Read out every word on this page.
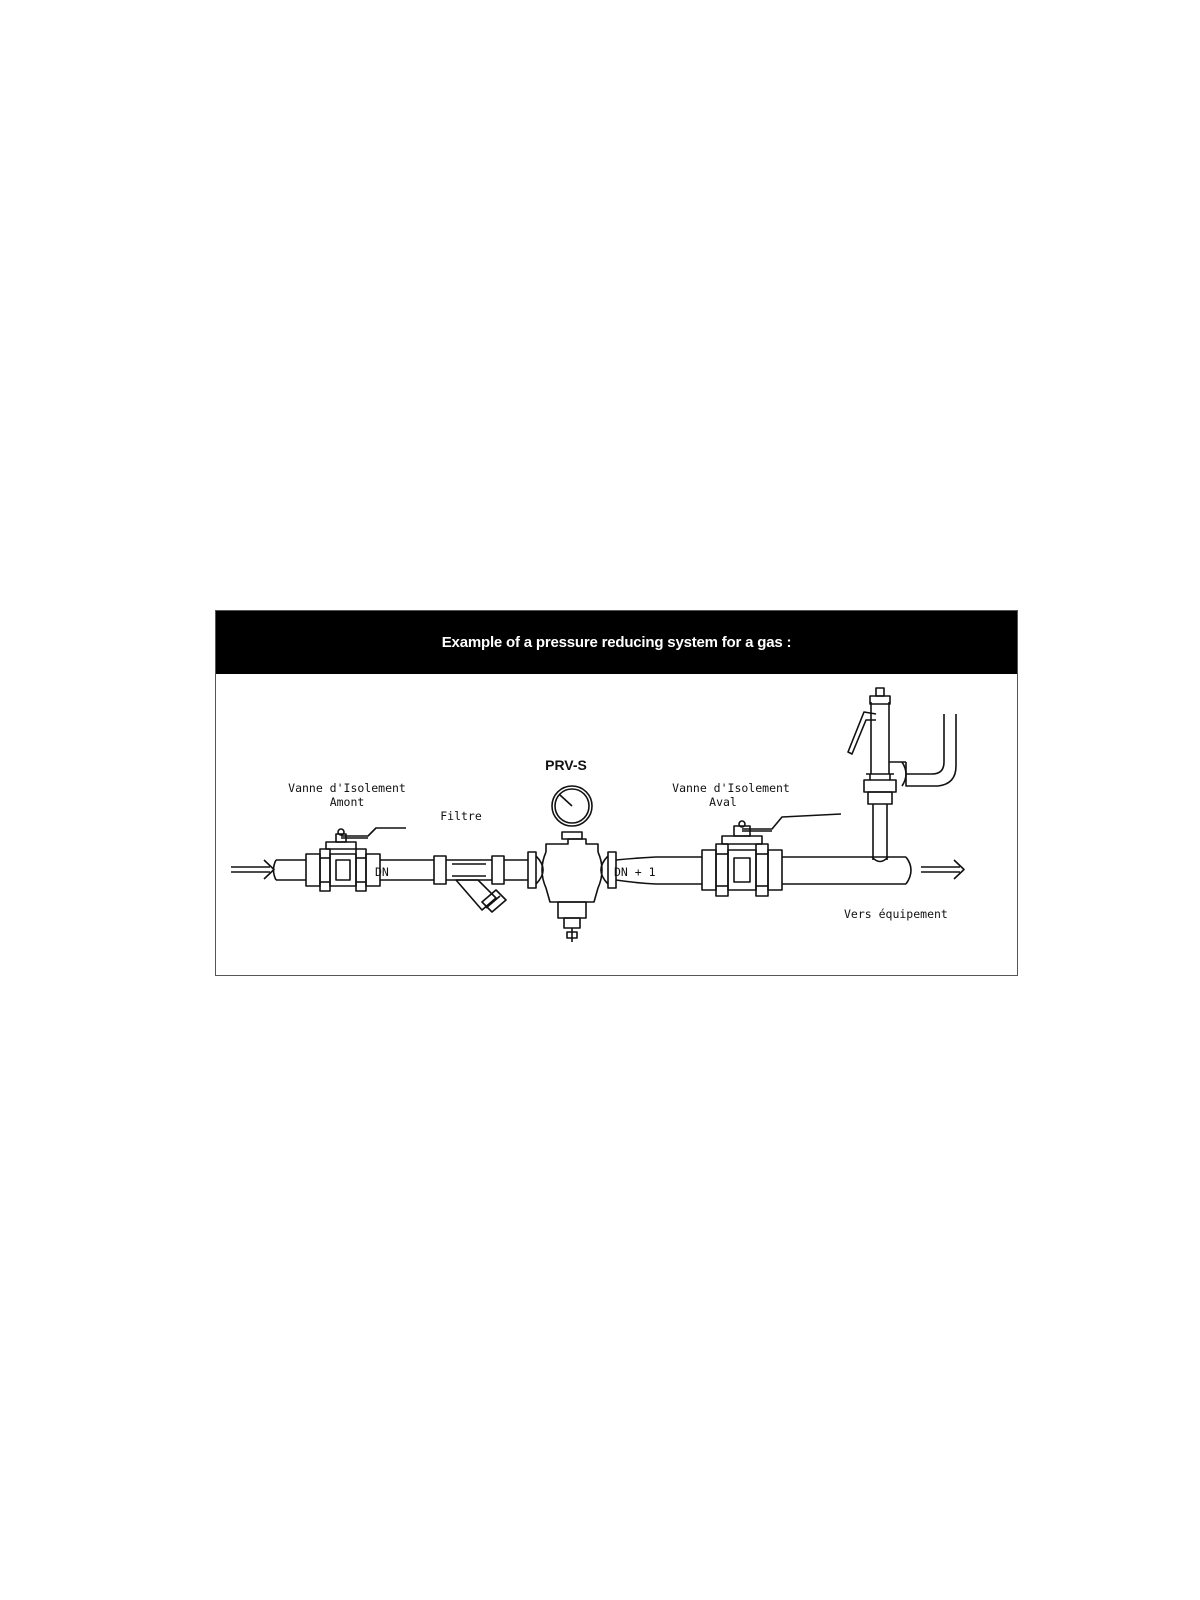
Example of a pressure reducing system for a gas :
Vanne d'Isolement
Amont
Filtre
PRV-S
Vanne d'Isolement
Aval
DN	DN + 1
Vers équipement
